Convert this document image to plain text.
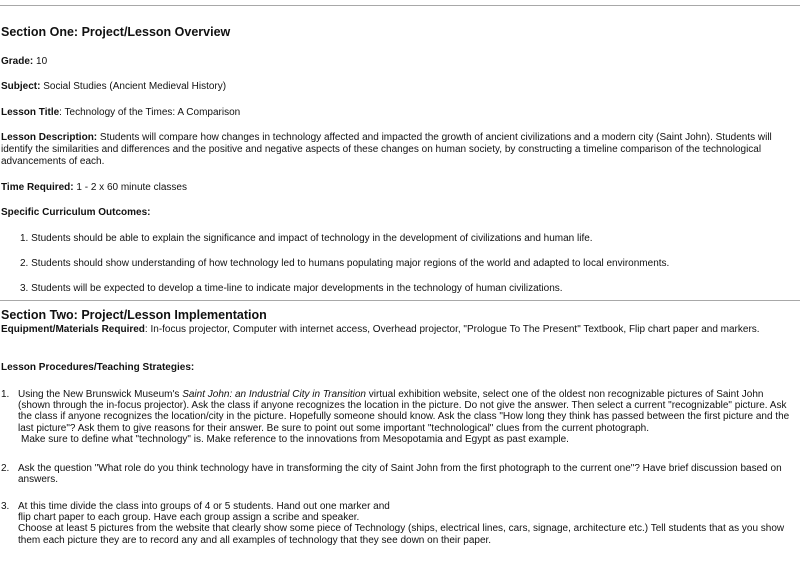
Section One: Project/Lesson Overview

Grade: 10

Subject: Social Studies (Ancient Medieval History)

Lesson Title: Technology of the Times: A Comparison

Lesson Description: Students will compare how changes in technology affected and impacted the growth of ancient civilizations and a modern city (Saint John). Students will identify the similarities and differences and the positive and negative aspects of these changes on human society, by constructing a timeline comparison of the technological advancements of each.

Time Required: 1 - 2 x 60 minute classes

Specific Curriculum Outcomes:

1. Students should be able to explain the significance and impact of technology in the development of civilizations and human life.

2. Students should show understanding of how technology led to humans populating major regions of the world and adapted to local environments.

3. Students will be expected to develop a time-line to indicate major developments in the technology of human civilizations.

Section Two: Project/Lesson Implementation

Equipment/Materials Required: In-focus projector, Computer with internet access, Overhead projector, "Prologue To The Present" Textbook, Flip chart paper and markers.

Lesson Procedures/Teaching Strategies:

1. Using the New Brunswick Museum's Saint John: an Industrial City in Transition virtual exhibition website, select one of the oldest non recognizable pictures of Saint John (shown through the in-focus projector). Ask the class if anyone recognizes the location in the picture. Do not give the answer. Then select a current "recognizable" picture. Ask the class if anyone recognizes the location/city in the picture. Hopefully someone should know. Ask the class "How long they think has passed between the first picture and the last picture"? Ask them to give reasons for their answer. Be sure to point out some important "technological" clues from the current photograph.
Make sure to define what "technology" is. Make reference to the innovations from Mesopotamia and Egypt as past example.
2. Ask the question "What role do you think technology have in transforming the city of Saint John from the first photograph to the current one"? Have brief discussion based on answers.
3. At this time divide the class into groups of 4 or 5 students. Hand out one marker and
flip chart paper to each group. Have each group assign a scribe and speaker.
Choose at least 5 pictures from the website that clearly show some piece of Technology (ships, electrical lines, cars, signage, architecture etc.) Tell students that as you show them each picture they are to record any and all examples of technology that they see down on their paper.
